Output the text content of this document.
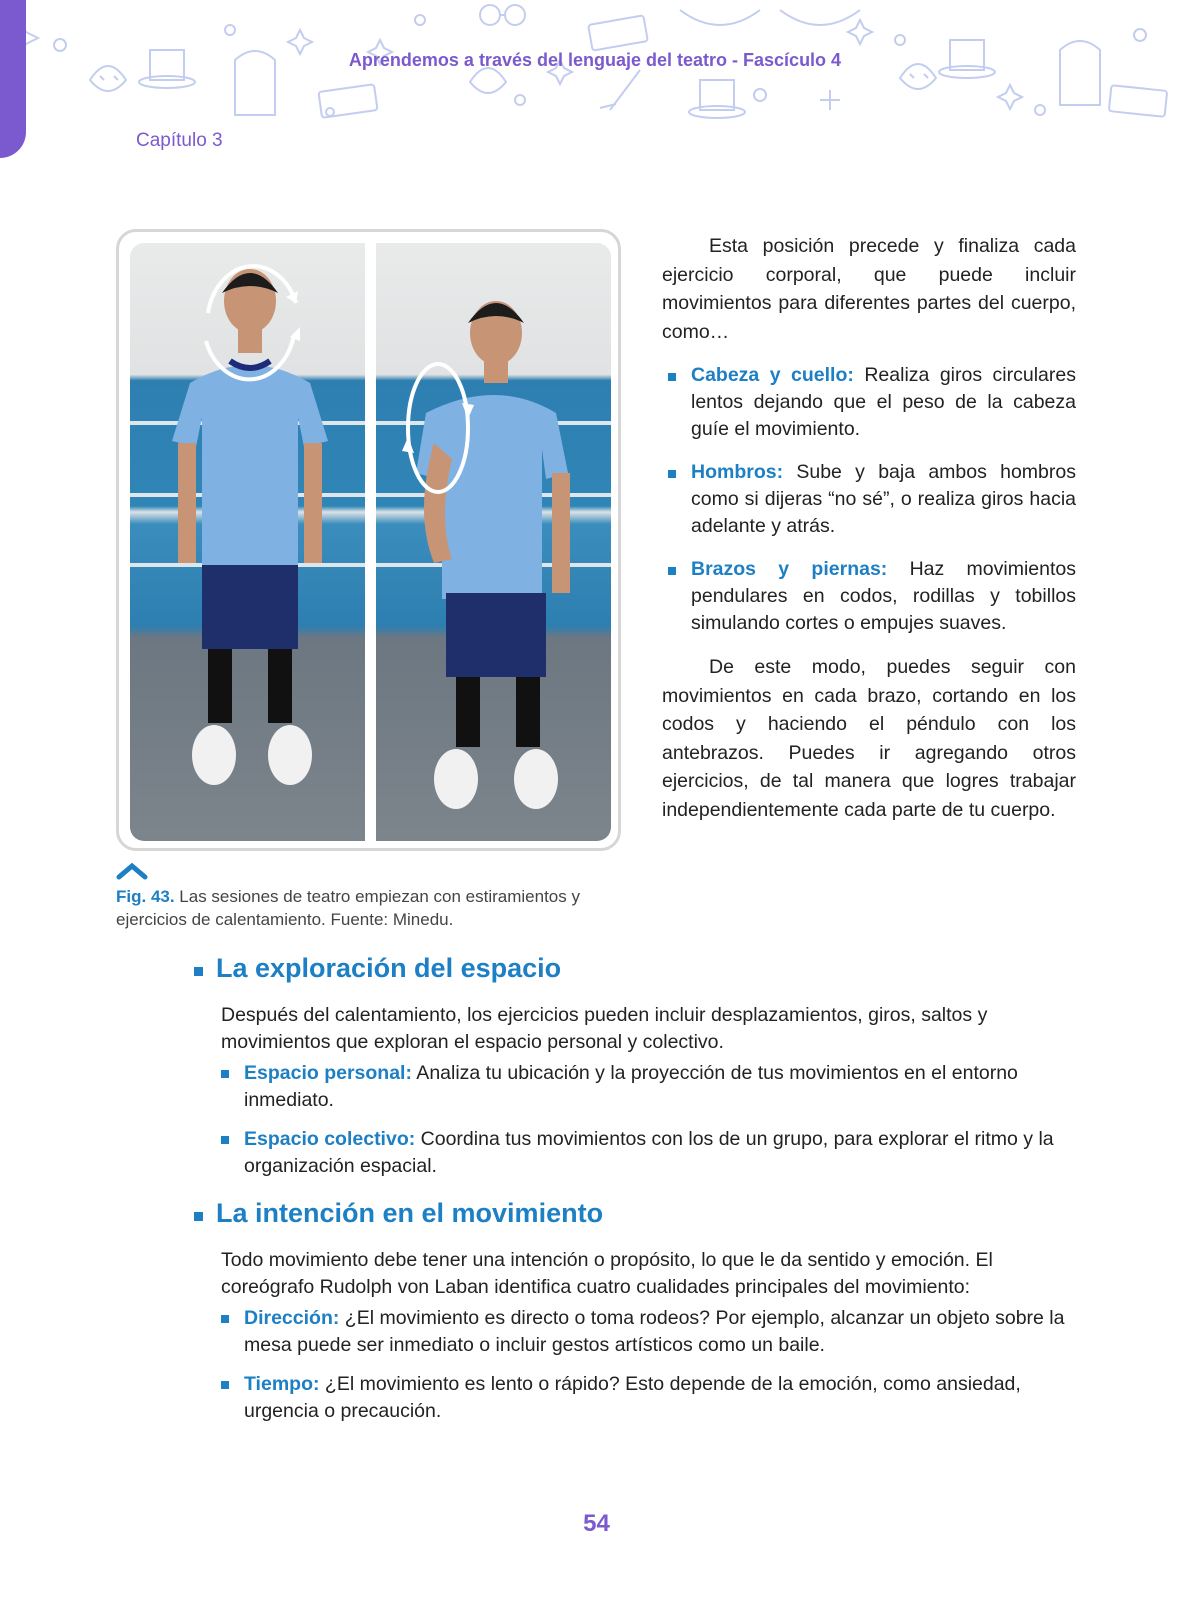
Aprendemos a través del lenguaje del teatro - Fascículo 4
Capítulo 3
Fig. 43. Las sesiones de teatro empiezan con estiramientos y ejercicios de calentamiento. Fuente: Minedu.

Esta posición precede y finaliza cada ejercicio corporal, que puede incluir movimientos para diferentes partes del cuerpo, como…

Cabeza y cuello: Realiza giros circulares lentos dejando que el peso de la cabeza guíe el movimiento.
Hombros: Sube y baja ambos hombros como si dijeras “no sé”, o realiza giros hacia adelante y atrás.
Brazos y piernas: Haz movimientos pendulares en codos, rodillas y tobillos simulando cortes o empujes suaves.

De este modo, puedes seguir con movimientos en cada brazo, cortando en los codos y haciendo el péndulo con los antebrazos. Puedes ir agregando otros ejercicios, de tal manera que logres trabajar independientemente cada parte de tu cuerpo.

La exploración del espacio

Después del calentamiento, los ejercicios pueden incluir desplazamientos, giros, saltos y movimientos que exploran el espacio personal y colectivo.

Espacio personal: Analiza tu ubicación y la proyección de tus movimientos en el entorno inmediato.
Espacio colectivo: Coordina tus movimientos con los de un grupo, para explorar el ritmo y la organización espacial.
La intención en el movimiento

Todo movimiento debe tener una intención o propósito, lo que le da sentido y emoción. El coreógrafo Rudolph von Laban identifica cuatro cualidades principales del movimiento:

Dirección: ¿El movimiento es directo o toma rodeos? Por ejemplo, alcanzar un objeto sobre la mesa puede ser inmediato o incluir gestos artísticos como un baile.
Tiempo: ¿El movimiento es lento o rápido? Esto depende de la emoción, como ansiedad, urgencia o precaución.
54
